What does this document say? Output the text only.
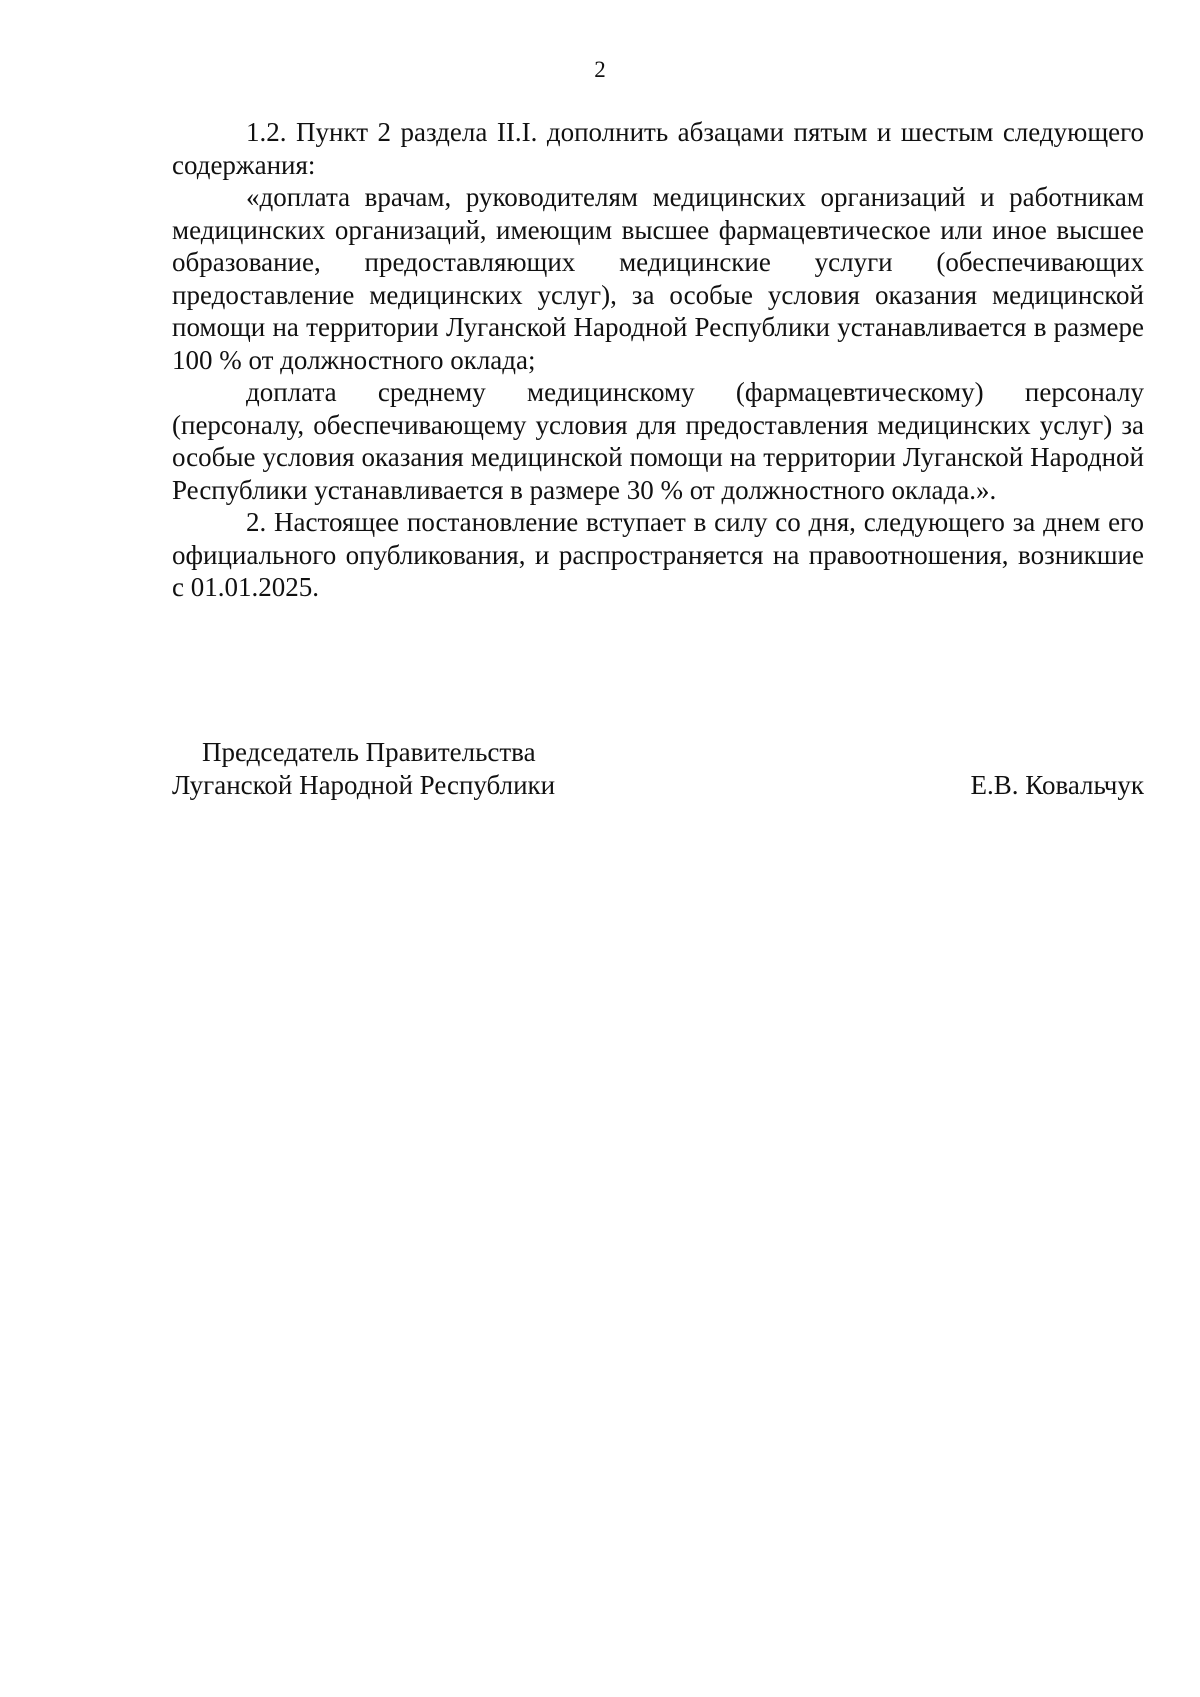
2

1.2. Пункт 2 раздела II.I. дополнить абзацами пятым и шестым следующего содержания:

«доплата врачам, руководителям медицинских организаций и работникам медицинских организаций, имеющим высшее фармацевтическое или иное высшее образование, предоставляющих медицинские услуги (обеспечивающих предоставление медицинских услуг), за особые условия оказания медицинской помощи на территории Луганской Народной Республики устанавливается в размере 100 % от должностного оклада;

доплата среднему медицинскому (фармацевтическому) персоналу (персоналу, обеспечивающему условия для предоставления медицинских услуг) за особые условия оказания медицинской помощи на территории Луганской Народной Республики устанавливается в размере 30 % от должностного оклада.».

2. Настоящее постановление вступает в силу со дня, следующего за днем его официального опубликования, и распространяется на правоотношения, возникшие с 01.01.2025.

Председатель Правительства
Луганской Народной Республики	Е.В. Ковальчук
